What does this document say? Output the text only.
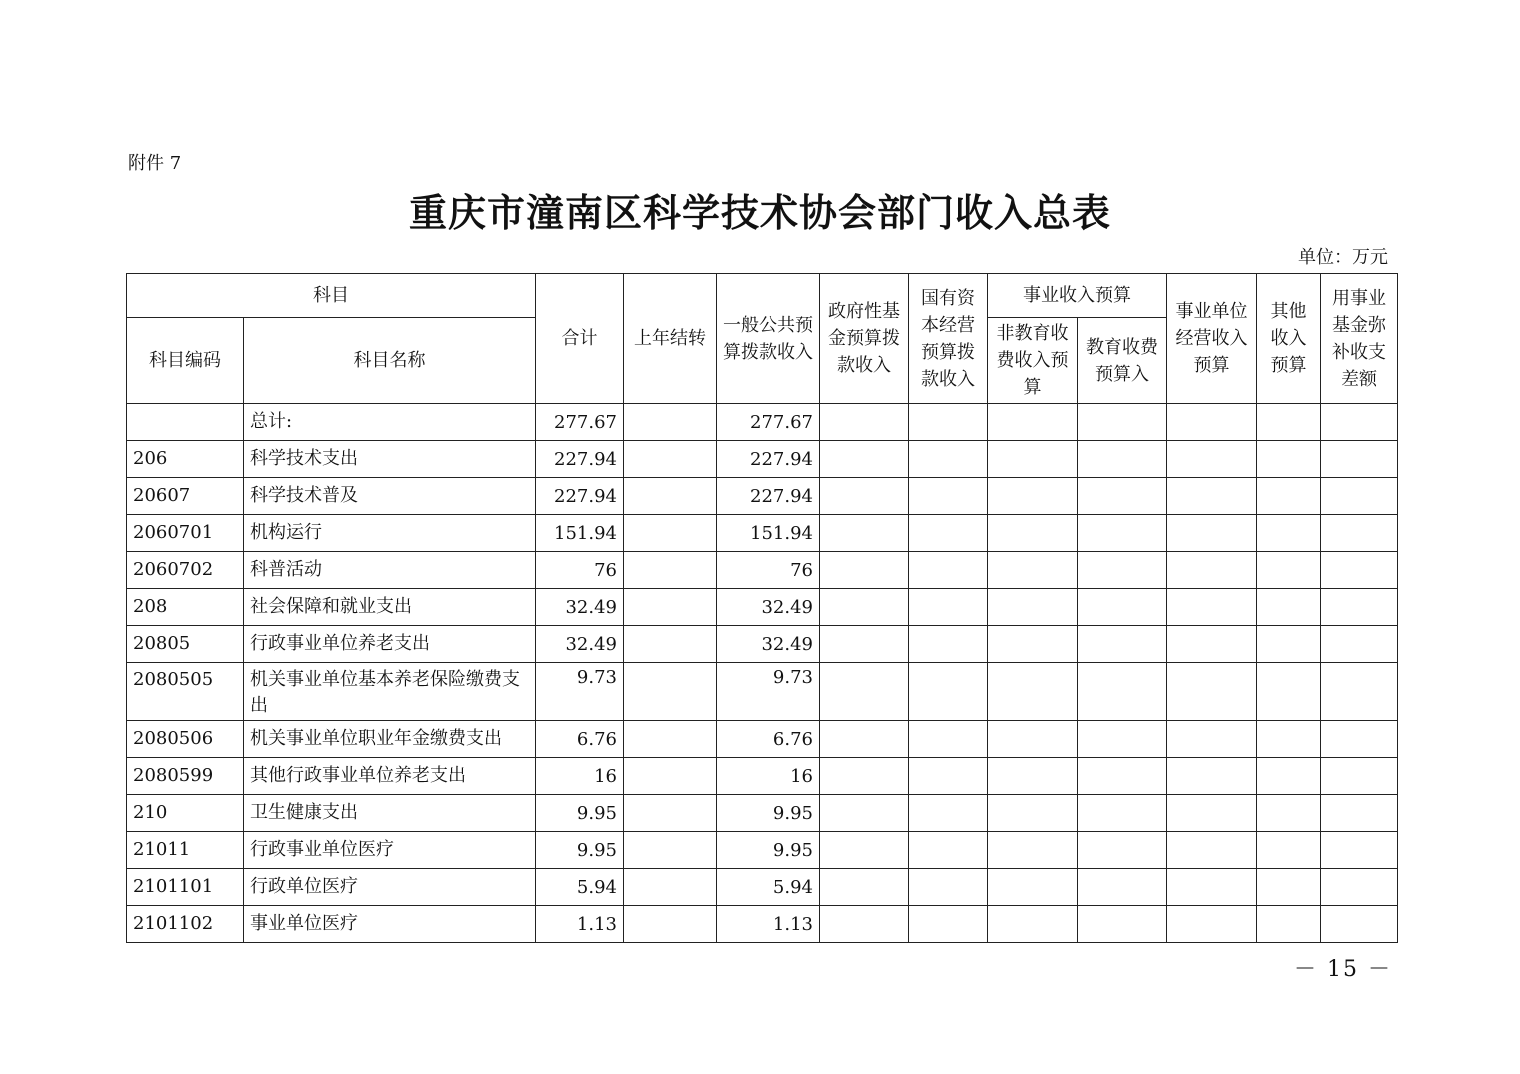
附件 7
重庆市潼南区科学技术协会部门收入总表
单位：万元
科目		合计	上年结转	一般公共预算拨款收入	政府性基金预算拨款收入	国有资本经营预算拨款收入	事业收入预算		事业单位经营收入预算	其他收入预算	用事业基金弥补收支差额
科目编码	科目名称						非教育收费收入预算	教育收费预算入			
	总计:	277.67		277.67							
206	科学技术支出	227.94		227.94							
20607	科学技术普及	227.94		227.94							
2060701	机构运行	151.94		151.94							
2060702	科普活动	76		76							
208	社会保障和就业支出	32.49		32.49							
20805	行政事业单位养老支出	32.49		32.49							
2080505	机关事业单位基本养老保险缴费支出	9.73		9.73							
2080506	机关事业单位职业年金缴费支出	6.76		6.76							
2080599	其他行政事业单位养老支出	16		16							
210	卫生健康支出	9.95		9.95							
21011	行政事业单位医疗	9.95		9.95							
2101101	行政单位医疗	5.94		5.94							
2101102	事业单位医疗	1.13		1.13							
－ 15 －
